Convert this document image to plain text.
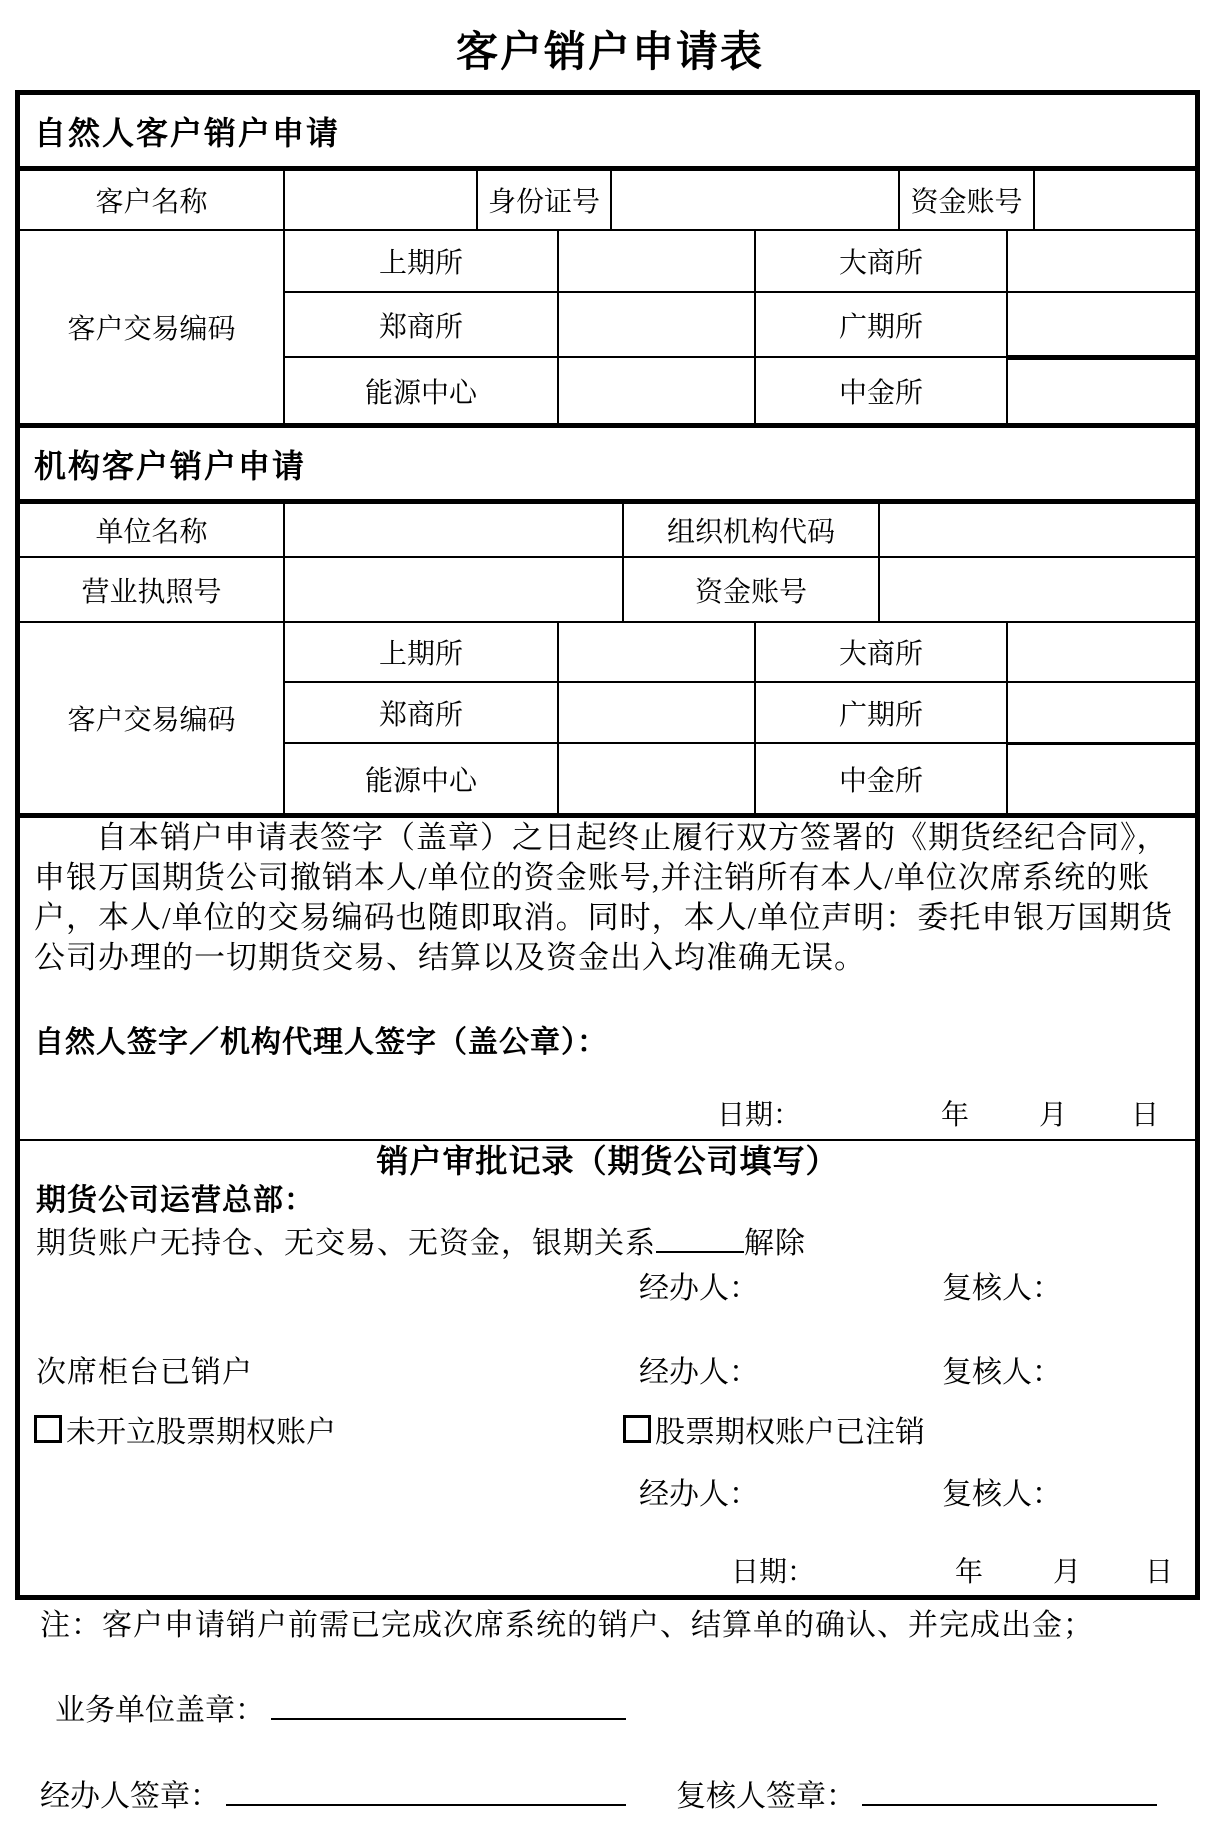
客户销户申请表
自然人客户销户申请
客户名称		身份证号		资金账号	
客户交易编码	上期所		大商所	
	郑商所		广期所	
	能源中心		中金所	
机构客户销户申请
单位名称		组织机构代码	
营业执照号		资金账号	
客户交易编码	上期所		大商所	
	郑商所		广期所	
	能源中心		中金所	
自本销户申请表签字（盖章）之日起终止履行双方签署的《期货经纪合同》，
申银万国期货公司撤销本人/单位的资金账号,并注销所有本人/单位次席系统的账
户，本人/单位的交易编码也随即取消。同时，本人/单位声明：委托申银万国期货
公司办理的一切期货交易、结算以及资金出入均准确无误。
自然人签字／机构代理人签字（盖公章）：
日期：	年	月 日
销户审批记录（期货公司填写）
期货公司运营总部：
期货账户无持仓、无交易、无资金，银期关系	解除
经办人：	复核人：
次席柜台已销户	经办人：	复核人：
未开立股票期权账户	股票期权账户已注销
经办人：	复核人：
日期：	年	月 日
注：客户申请销户前需已完成次席系统的销户、结算单的确认、并完成出金；
业务单位盖章：
经办人签章：	复核人签章：
